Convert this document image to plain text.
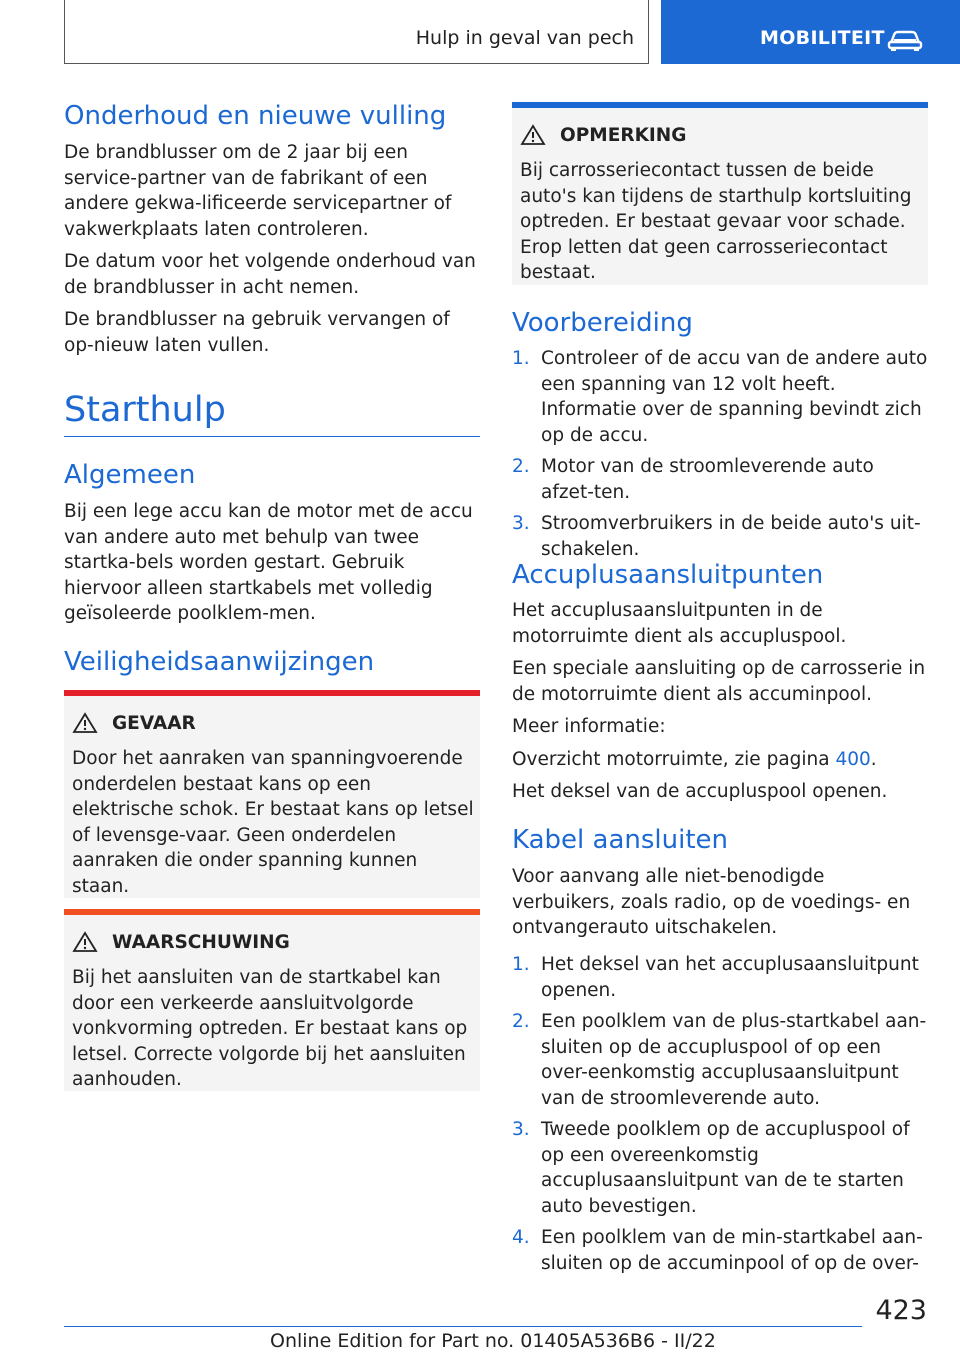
Hulp in geval van pech	MOBILITEIT
Onderhoud en nieuwe vulling

De brandblusser om de 2 jaar bij een service-partner van de fabrikant of een andere gekwa-lificeerde servicepartner of vakwerkplaats laten controleren.

De datum voor het volgende onderhoud van de brandblusser in acht nemen.

De brandblusser na gebruik vervangen of op-nieuw laten vullen.

Starthulp
Algemeen

Bij een lege accu kan de motor met de accu van andere auto met behulp van twee startka-bels worden gestart. Gebruik hiervoor alleen startkabels met volledig geïsoleerde poolklem-men.

Veiligheidsaanwijzingen
GEVAAR

Door het aanraken van spanningvoerende onderdelen bestaat kans op een elektrische schok. Er bestaat kans op letsel of levensge-vaar. Geen onderdelen aanraken die onder spanning kunnen staan.

WAARSCHUWING

Bij het aansluiten van de startkabel kan door een verkeerde aansluitvolgorde vonkvorming optreden. Er bestaat kans op letsel. Correcte volgorde bij het aansluiten aanhouden.

OPMERKING

Bij carrosseriecontact tussen de beide auto's kan tijdens de starthulp kortsluiting optreden. Er bestaat gevaar voor schade. Erop letten dat geen carrosseriecontact bestaat.

Voorbereiding
1. Controleer of de accu van de andere auto een spanning van 12 volt heeft. Informatie over de spanning bevindt zich op de accu.
2. Motor van de stroomleverende auto afzet-ten.
3. Stroomverbruikers in de beide auto's uit-schakelen.
Accuplusaansluitpunten

Het accuplusaansluitpunten in de motorruimte dient als accupluspool.

Een speciale aansluiting op de carrosserie in de motorruimte dient als accuminpool.

Meer informatie:

Overzicht motorruimte, zie pagina 400.

Het deksel van de accupluspool openen.

Kabel aansluiten

Voor aanvang alle niet-benodigde verbuikers, zoals radio, op de voedings- en ontvangerauto uitschakelen.

1. Het deksel van het accuplusaansluitpunt openen.
2. Een poolklem van de plus-startkabel aan-sluiten op de accupluspool of op een over-eenkomstig accuplusaansluitpunt van de stroomleverende auto.
3. Tweede poolklem op de accupluspool of op een overeenkomstig accuplusaansluitpunt van de te starten auto bevestigen.
4. Een poolklem van de min-startkabel aan-sluiten op de accuminpool of op de over-
423
Online Edition for Part no. 01405A536B6 - II/22
